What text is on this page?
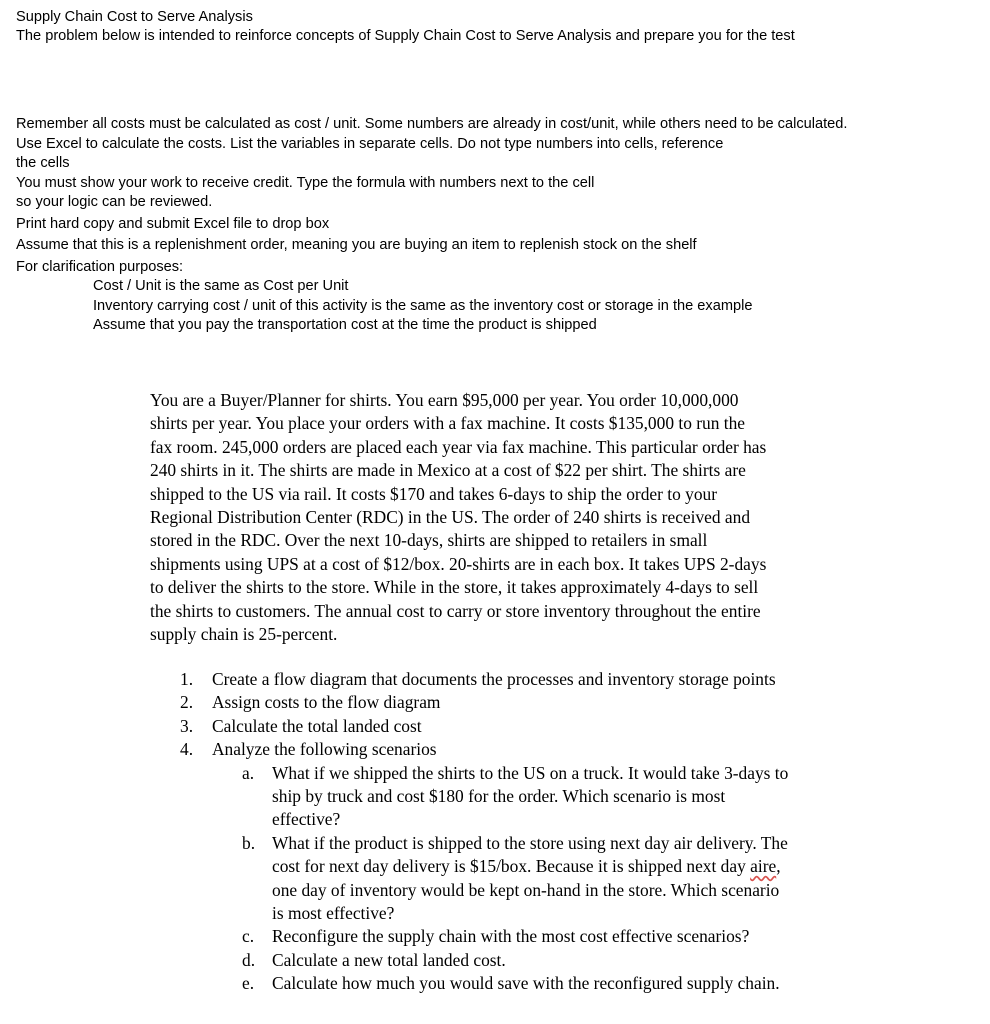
Supply Chain Cost to Serve Analysis
The problem below is intended to reinforce concepts of Supply Chain Cost to Serve Analysis and prepare you for the test
Remember all costs must be calculated as cost / unit. Some numbers are already in cost/unit, while others need to be calculated.
Use Excel to calculate the costs. List the variables in separate cells. Do not type numbers into cells, reference
the cells
You must show your work to receive credit. Type the formula with numbers next to the cell
so your logic can be reviewed.
Print hard copy and submit Excel file to drop box
Assume that this is a replenishment order, meaning you are buying an item to replenish stock on the shelf
For clarification purposes:
Cost / Unit is the same as Cost per Unit
Inventory carrying cost / unit of this activity is the same as the inventory cost or storage in the example
Assume that you pay the transportation cost at the time the product is shipped
You are a Buyer/Planner for shirts. You earn $95,000 per year. You order 10,000,000
shirts per year. You place your orders with a fax machine. It costs $135,000 to run the
fax room. 245,000 orders are placed each year via fax machine. This particular order has
240 shirts in it. The shirts are made in Mexico at a cost of $22 per shirt. The shirts are
shipped to the US via rail. It costs $170 and takes 6-days to ship the order to your
Regional Distribution Center (RDC) in the US. The order of 240 shirts is received and
stored in the RDC. Over the next 10-days, shirts are shipped to retailers in small
shipments using UPS at a cost of $12/box. 20-shirts are in each box. It takes UPS 2-days
to deliver the shirts to the store. While in the store, it takes approximately 4-days to sell
the shirts to customers. The annual cost to carry or store inventory throughout the entire
supply chain is 25-percent.
1.	Create a flow diagram that documents the processes and inventory storage points
2.	Assign costs to the flow diagram
3.	Calculate the total landed cost
4.	Analyze the following scenarios
a.	What if we shipped the shirts to the US on a truck. It would take 3-days to
ship by truck and cost $180 for the order. Which scenario is most
effective?
b. What if the product is shipped to the store using next day air delivery. The
cost for next day delivery is $15/box. Because it is shipped next day aire,
one day of inventory would be kept on-hand in the store. Which scenario
is most effective?
c.	Reconfigure the supply chain with the most cost effective scenarios?
d. Calculate a new total landed cost.
e.	Calculate how much you would save with the reconfigured supply chain.
